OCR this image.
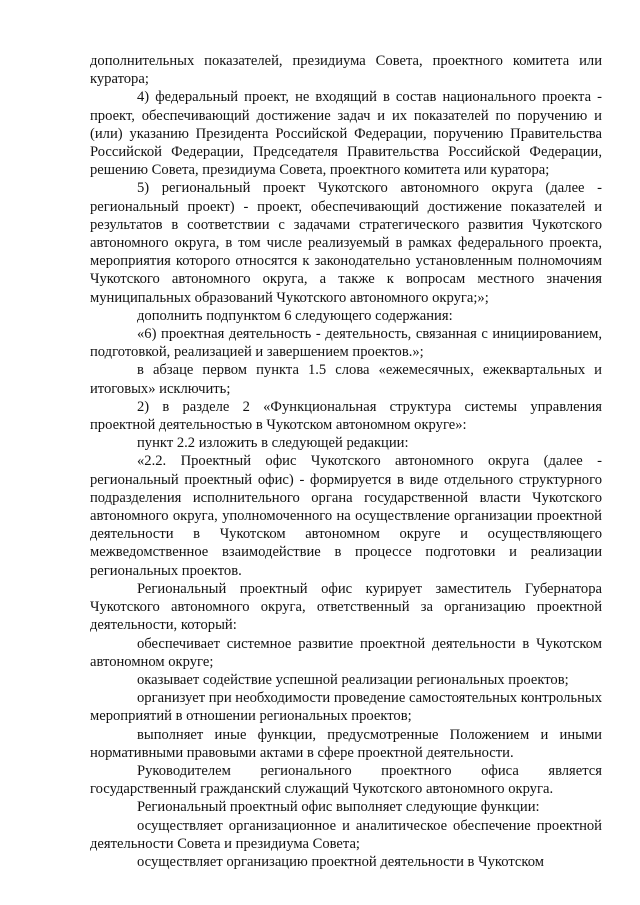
дополнительных показателей, президиума Совета, проектного комитета или куратора;

4) федеральный проект, не входящий в состав национального проекта - проект, обеспечивающий достижение задач и их показателей по поручению и (или) указанию Президента Российской Федерации, поручению Правительства Российской Федерации, Председателя Правительства Российской Федерации, решению Совета, президиума Совета, проектного комитета или куратора;

5) региональный проект Чукотского автономного округа (далее - региональный проект) - проект, обеспечивающий достижение показателей и результатов в соответствии с задачами стратегического развития Чукотского автономного округа, в том числе реализуемый в рамках федерального проекта, мероприятия которого относятся к законодательно установленным полномочиям Чукотского автономного округа, а также к вопросам местного значения муниципальных образований Чукотского автономного округа;»;

дополнить подпунктом 6 следующего содержания:

«6) проектная деятельность - деятельность, связанная с инициированием, подготовкой, реализацией и завершением проектов.»;

в абзаце первом пункта 1.5 слова «ежемесячных, ежеквартальных и итоговых» исключить;

2) в разделе 2 «Функциональная структура системы управления проектной деятельностью в Чукотском автономном округе»:

пункт 2.2 изложить в следующей редакции:

«2.2. Проектный офис Чукотского автономного округа (далее - региональный проектный офис) - формируется в виде отдельного структурного подразделения исполнительного органа государственной власти Чукотского автономного округа, уполномоченного на осуществление организации проектной деятельности в Чукотском автономном округе и осуществляющего межведомственное взаимодействие в процессе подготовки и реализации региональных проектов.

Региональный проектный офис курирует заместитель Губернатора Чукотского автономного округа, ответственный за организацию проектной деятельности, который:

обеспечивает системное развитие проектной деятельности в Чукотском автономном округе;

оказывает содействие успешной реализации региональных проектов;

организует при необходимости проведение самостоятельных контрольных мероприятий в отношении региональных проектов;

выполняет иные функции, предусмотренные Положением и иными нормативными правовыми актами в сфере проектной деятельности.

Руководителем регионального проектного офиса является государственный гражданский служащий Чукотского автономного округа.

Региональный проектный офис выполняет следующие функции:

осуществляет организационное и аналитическое обеспечение проектной деятельности Совета и президиума Совета;

осуществляет организацию проектной деятельности в Чукотском
